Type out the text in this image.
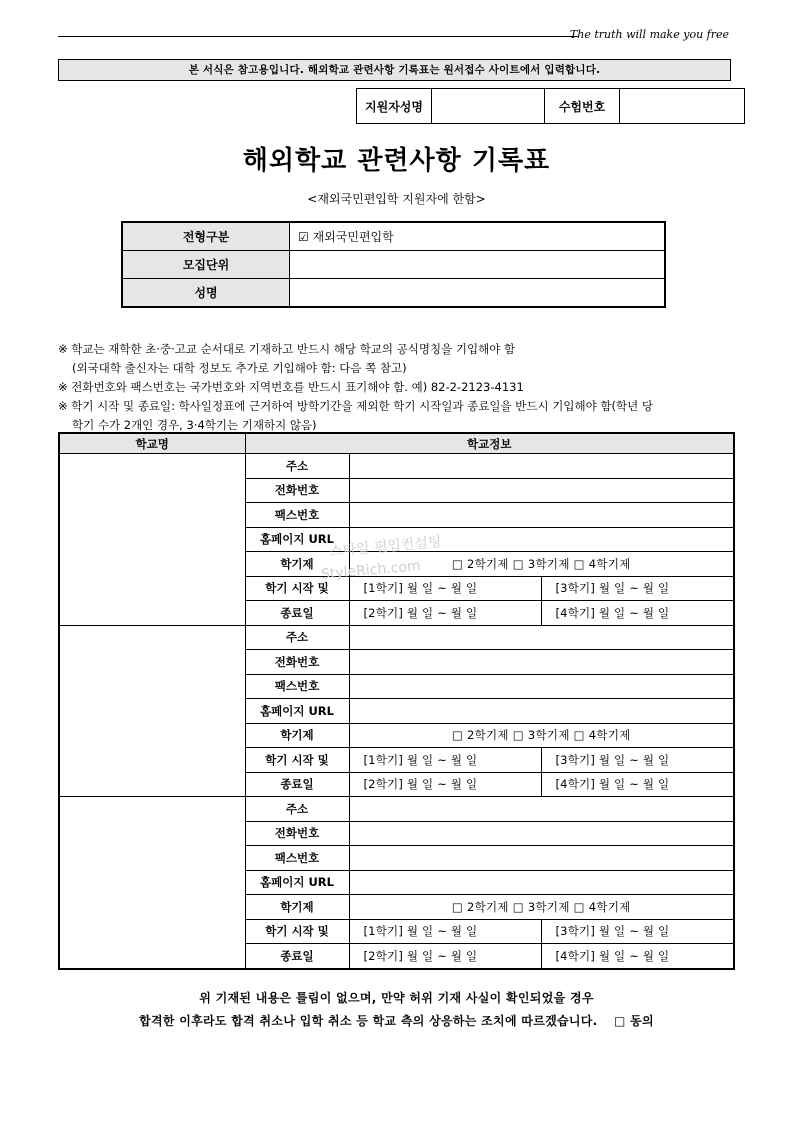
The truth will make you free
본 서식은 참고용입니다. 해외학교 관련사항 기록표는 원서접수 사이트에서 입력합니다.
지원자성명		수험번호	
해외학교 관련사항 기록표
<재외국민편입학 지원자에 한함>
전형구분	☑ 재외국민편입학
모집단위	
성명	
※ 학교는 재학한 초·중·고교 순서대로 기재하고 반드시 해당 학교의 공식명칭을 기입해야 함
(외국대학 출신자는 대학 정보도 추가로 기입해야 함: 다음 쪽 참고)
※ 전화번호와 팩스번호는 국가번호와 지역번호를 반드시 표기해야 함. 예) 82-2-2123-4131
※ 학기 시작 및 종료일: 학사일정표에 근거하여 방학기간을 제외한 학기 시작일과 종료일을 반드시 기입해야 함(학년 당
학기 수가 2개인 경우, 3·4학기는 기재하지 않음)
학교명	학교정보		
	주소		
	전화번호		
	팩스번호		
	홈페이지 URL		
	학기제	□ 2학기제 □ 3학기제 □ 4학기제	
	학기 시작 및	[1학기] 월 일 ~ 월 일	[3학기] 월 일 ~ 월 일
	종료일	[2학기] 월 일 ~ 월 일	[4학기] 월 일 ~ 월 일
	주소		
	전화번호		
	팩스번호		
	홈페이지 URL		
	학기제	□ 2학기제 □ 3학기제 □ 4학기제	
	학기 시작 및	[1학기] 월 일 ~ 월 일	[3학기] 월 일 ~ 월 일
	종료일	[2학기] 월 일 ~ 월 일	[4학기] 월 일 ~ 월 일
	주소		
	전화번호		
	팩스번호		
	홈페이지 URL		
	학기제	□ 2학기제 □ 3학기제 □ 4학기제	
	학기 시작 및	[1학기] 월 일 ~ 월 일	[3학기] 월 일 ~ 월 일
	종료일	[2학기] 월 일 ~ 월 일	[4학기] 월 일 ~ 월 일
스타일 편입컨설팅
StyleRich.com
위 기재된 내용은 틀림이 없으며, 만약 허위 기재 사실이 확인되었을 경우
합격한 이후라도 합격 취소나 입학 취소 등 학교 측의 상응하는 조치에 따르겠습니다. □ 동의
